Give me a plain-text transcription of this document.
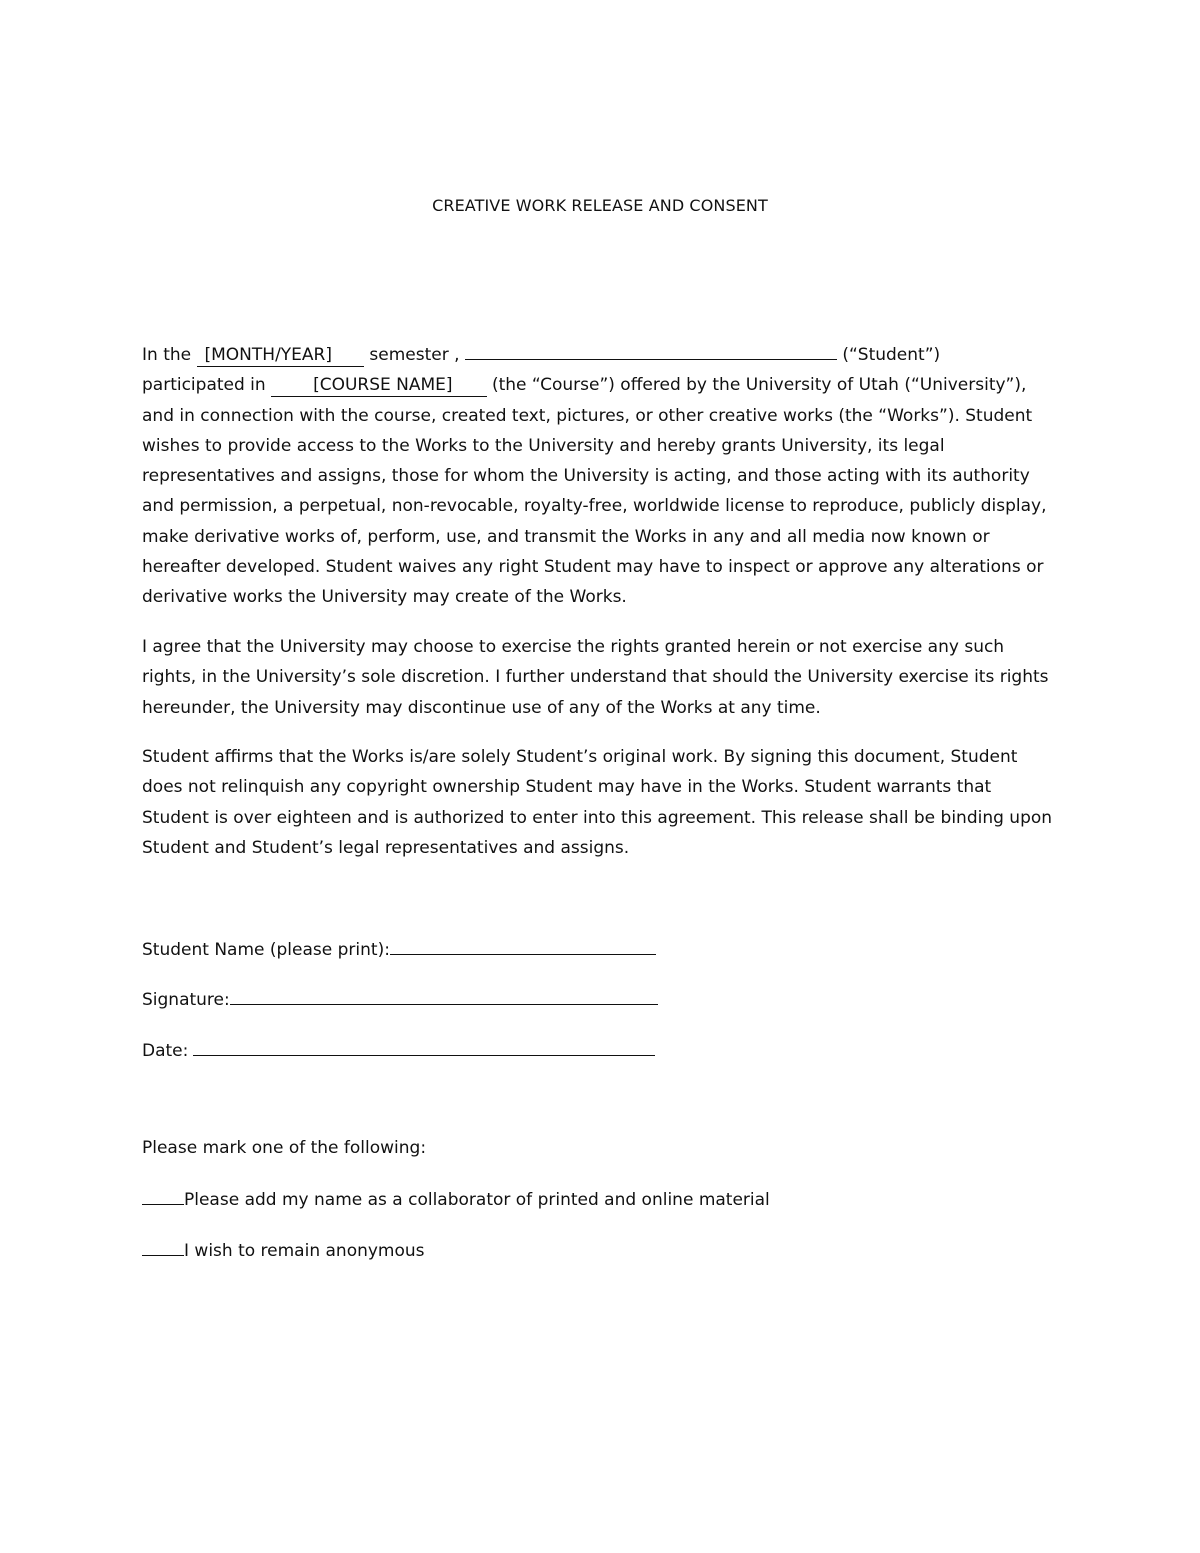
CREATIVE WORK RELEASE AND CONSENT

In the [MONTH/YEAR] semester ,	(“Student”)
participated in	[COURSE NAME] (the “Course”) offered by the University of Utah (“University”), and in connection with the course, created text, pictures, or other creative works (the “Works”). Student wishes to provide access to the Works to the University and hereby grants University, its legal representatives and assigns, those for whom the University is acting, and those acting with its authority and permission, a perpetual, non-revocable, royalty-free, worldwide license to reproduce, publicly display, make derivative works of, perform, use, and transmit the Works in any and all media now known or hereafter developed. Student waives any right Student may have to inspect or approve any alterations or derivative works the University may create of the Works.

I agree that the University may choose to exercise the rights granted herein or not exercise any such rights, in the University’s sole discretion. I further understand that should the University exercise its rights hereunder, the University may discontinue use of any of the Works at any time.

Student affirms that the Works is/are solely Student’s original work. By signing this document, Student does not relinquish any copyright ownership Student may have in the Works. Student warrants that Student is over eighteen and is authorized to enter into this agreement. This release shall be binding upon Student and Student’s legal representatives and assigns.

Student Name (please print):
Signature:
Date:
Please mark one of the following:
Please add my name as a collaborator of printed and online material
I wish to remain anonymous
